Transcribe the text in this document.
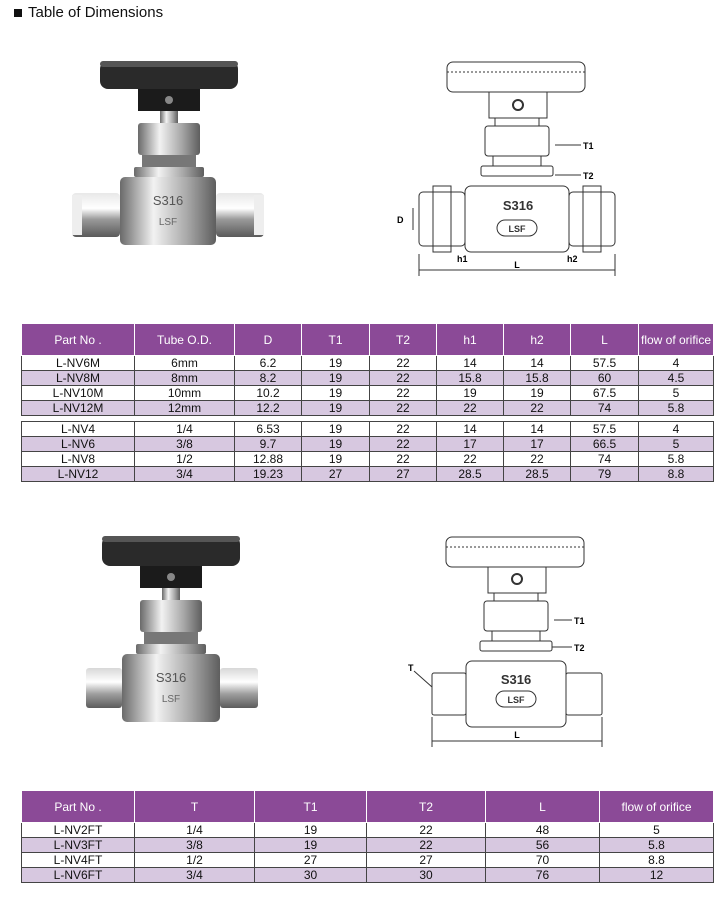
Table of Dimensions
S316
LSF
S316
LSF
T1
T2
D
h1	h2
L
Part No .	Tube O.D.	D	T1	T2	h1	h2	L	flow of orifice
L-NV6M	6mm	6.2	19	22	14	14	57.5	4
L-NV8M	8mm	8.2	19	22	15.8	15.8	60	4.5
L-NV10M	10mm	10.2	19	22	19	19	67.5	5
L-NV12M	12mm	12.2	19	22	22	22	74	5.8

L-NV4	1/4	6.53	19	22	14	14	57.5	4
L-NV6	3/8	9.7	19	22	17	17	66.5	5
L-NV8	1/2	12.88	19	22	22	22	74	5.8
L-NV12	3/4	19.23	27	27	28.5	28.5	79	8.8
S316
LSF
S316
LSF
T1
T2
T
L
Part No .	T	T1	T2	L	flow of orifice
L-NV2FT	1/4	19	22	48	5
L-NV3FT	3/8	19	22	56	5.8
L-NV4FT	1/2	27	27	70	8.8
L-NV6FT	3/4	30	30	76	12
